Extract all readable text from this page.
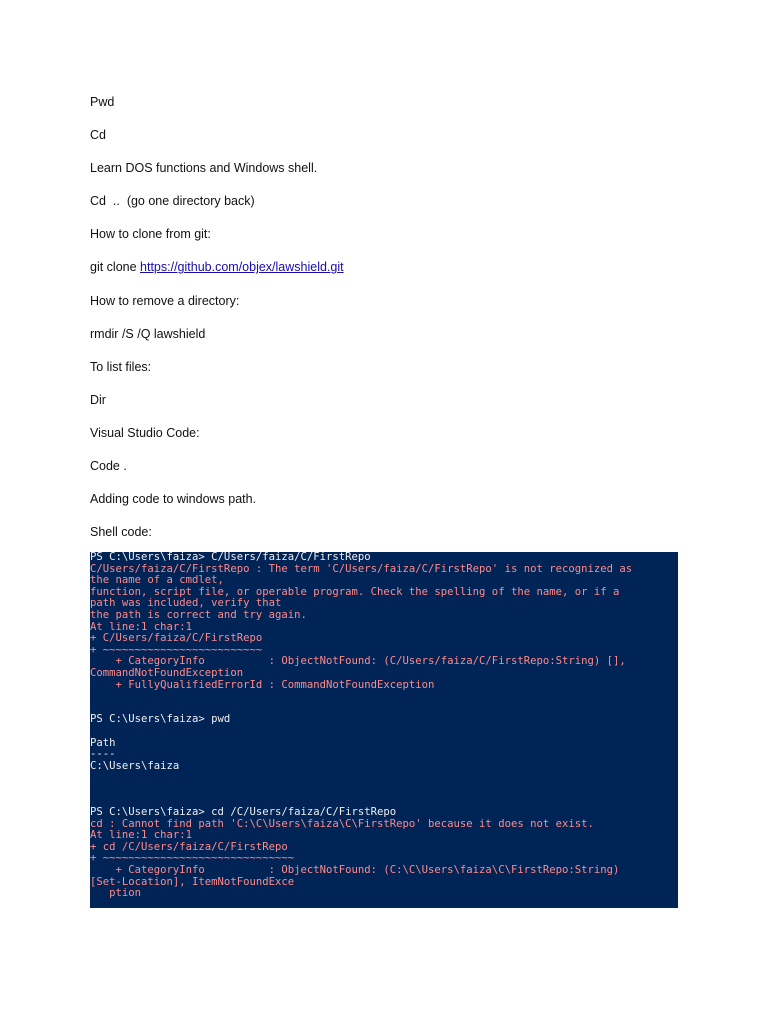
Pwd
Cd
Learn DOS functions and Windows shell.
Cd  ..  (go one directory back)
How to clone from git:
git clone https://github.com/objex/lawshield.git
How to remove a directory:
rmdir /S /Q lawshield
To list files:
Dir
Visual Studio Code:
Code .
Adding code to windows path.
Shell code:
PS C:\Users\faiza> C/Users/faiza/C/FirstRepo
C/Users/faiza/C/FirstRepo : The term 'C/Users/faiza/C/FirstRepo' is not recognized as
the name of a cmdlet,
function, script file, or operable program. Check the spelling of the name, or if a
path was included, verify that
the path is correct and try again.
At line:1 char:1
+ C/Users/faiza/C/FirstRepo
+ ~~~~~~~~~~~~~~~~~~~~~~~~~
+ CategoryInfo          : ObjectNotFound: (C/Users/faiza/C/FirstRepo:String) [],
CommandNotFoundException
+ FullyQualifiedErrorId : CommandNotFoundException
PS C:\Users\faiza> pwd
Path
----
C:\Users\faiza
PS C:\Users\faiza> cd /C/Users/faiza/C/FirstRepo
cd : Cannot find path 'C:\C\Users\faiza\C\FirstRepo' because it does not exist.
At line:1 char:1
+ cd /C/Users/faiza/C/FirstRepo
+ ~~~~~~~~~~~~~~~~~~~~~~~~~~~~~~
+ CategoryInfo          : ObjectNotFound: (C:\C\Users\faiza\C\FirstRepo:String)
[Set-Location], ItemNotFoundExce
ption
